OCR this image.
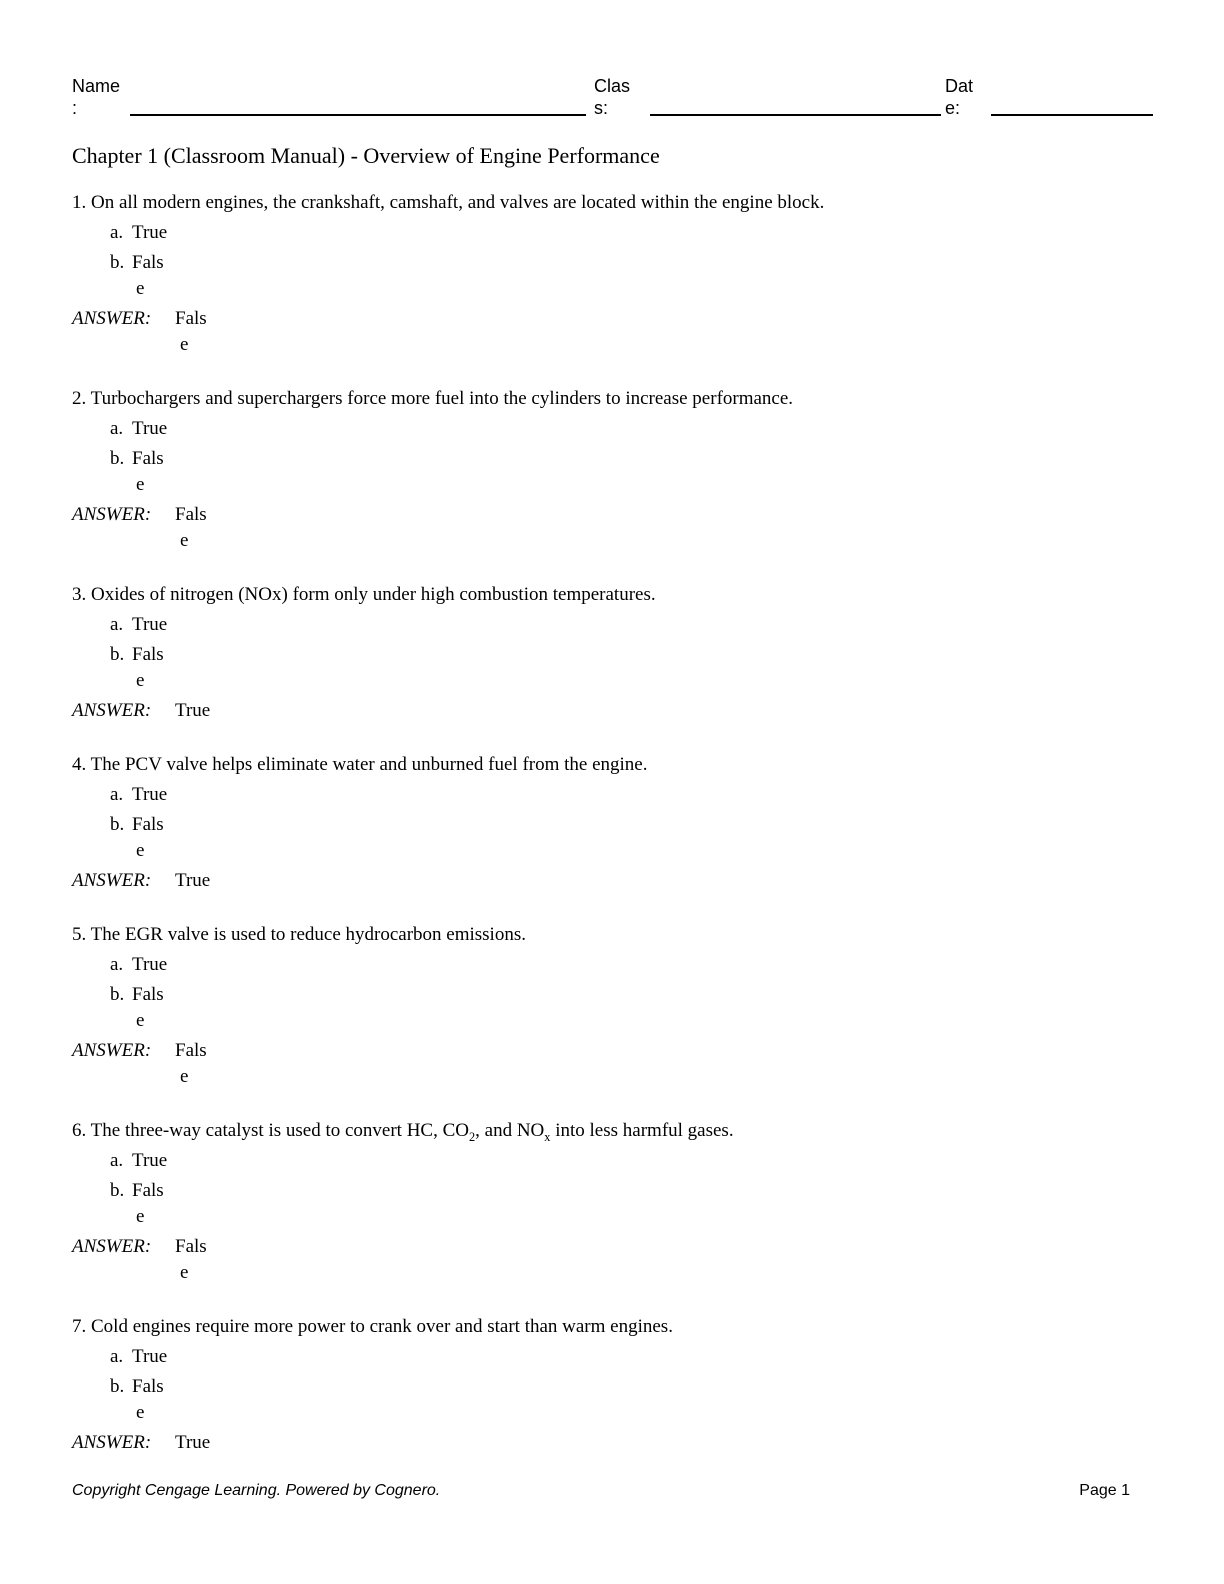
Name
:
Clas
s:
Dat
e:
Chapter 1 (Classroom Manual) - Overview of Engine Performance
1. On all modern engines, the crankshaft, camshaft, and valves are located within the engine block.
a. True
b. Fals
e
ANSWER:	Fals
e
2. Turbochargers and superchargers force more fuel into the cylinders to increase performance.
a. True
b. Fals
e
ANSWER:	Fals
e
3. Oxides of nitrogen (NOx) form only under high combustion temperatures.
a. True
b. Fals
e
ANSWER:	True
4. The PCV valve helps eliminate water and unburned fuel from the engine.
a. True
b. Fals
e
ANSWER:	True
5. The EGR valve is used to reduce hydrocarbon emissions.
a. True
b. Fals
e
ANSWER:	Fals
e
6. The three-way catalyst is used to convert HC, $CO_2$, and $NO_x$ into less harmful gases.
a. True
b. Fals
e
ANSWER:	Fals
e
7. Cold engines require more power to crank over and start than warm engines.
a. True
b. Fals
e
ANSWER:	True
Copyright Cengage Learning. Powered by Cognero.	Page 1
